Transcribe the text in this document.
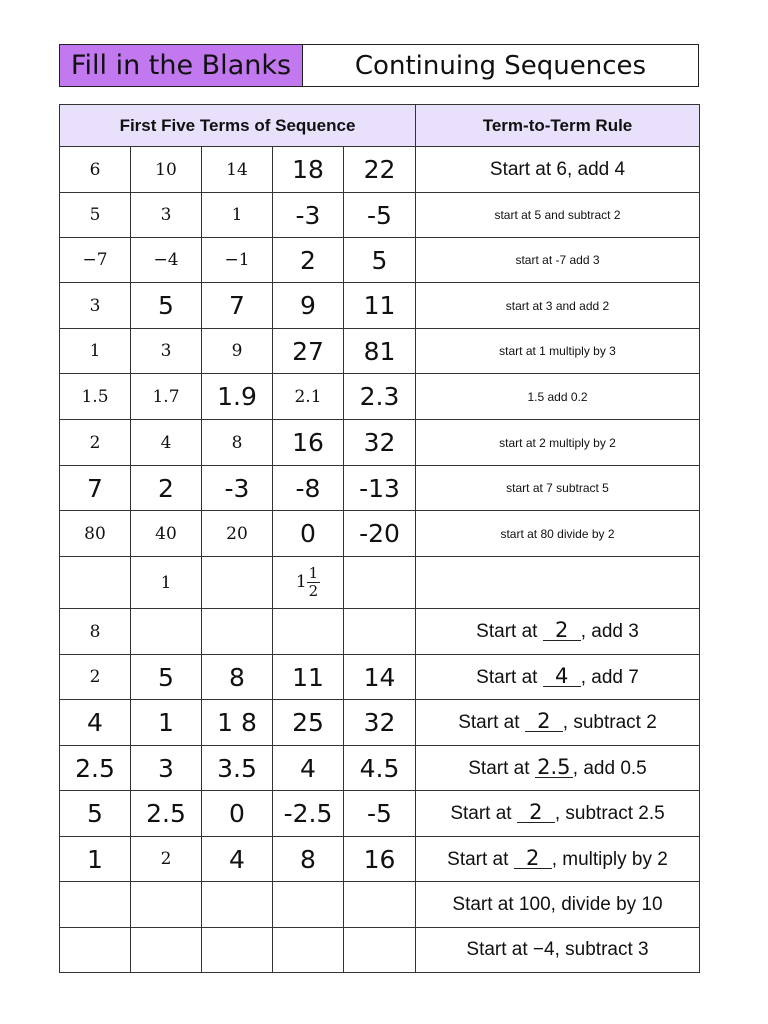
Fill in the Blanks	Continuing Sequences
First Five Terms of Sequence					Term-to-Term Rule
6	10	14	18	22	Start at 6, add 4
5	3	1	-3	-5	start at 5 and subtract 2
−7	−4	−1	2	5	start at -7 add 3
3	5	7	9	11	start at 3 and add 2
1	3	9	27	81	start at 1 multiply by 3
1.5	1.7	1.9	2.1	2.3	1.5 add 0.2
2	4	8	16	32	start at 2 multiply by 2
7	2	-3	-8	-13	start at 7 subtract 5
80	40	20	0	-20	start at 80 divide by 2
	1		$1 \frac{1}{2}$

8					Start at 2 , add 3
2	5	8	11	14	Start at 4 , add 7
4	1	1 8	25	32	Start at 2 , subtract 2
2.5	3	3.5	4	4.5	Start at 2.5 , add 0.5
5	2.5	0	-2.5	-5	Start at 2 , subtract 2.5
1	2	4	8	16	Start at 2 , multiply by 2
					Start at 100, divide by 10
					Start at −4, subtract 3
